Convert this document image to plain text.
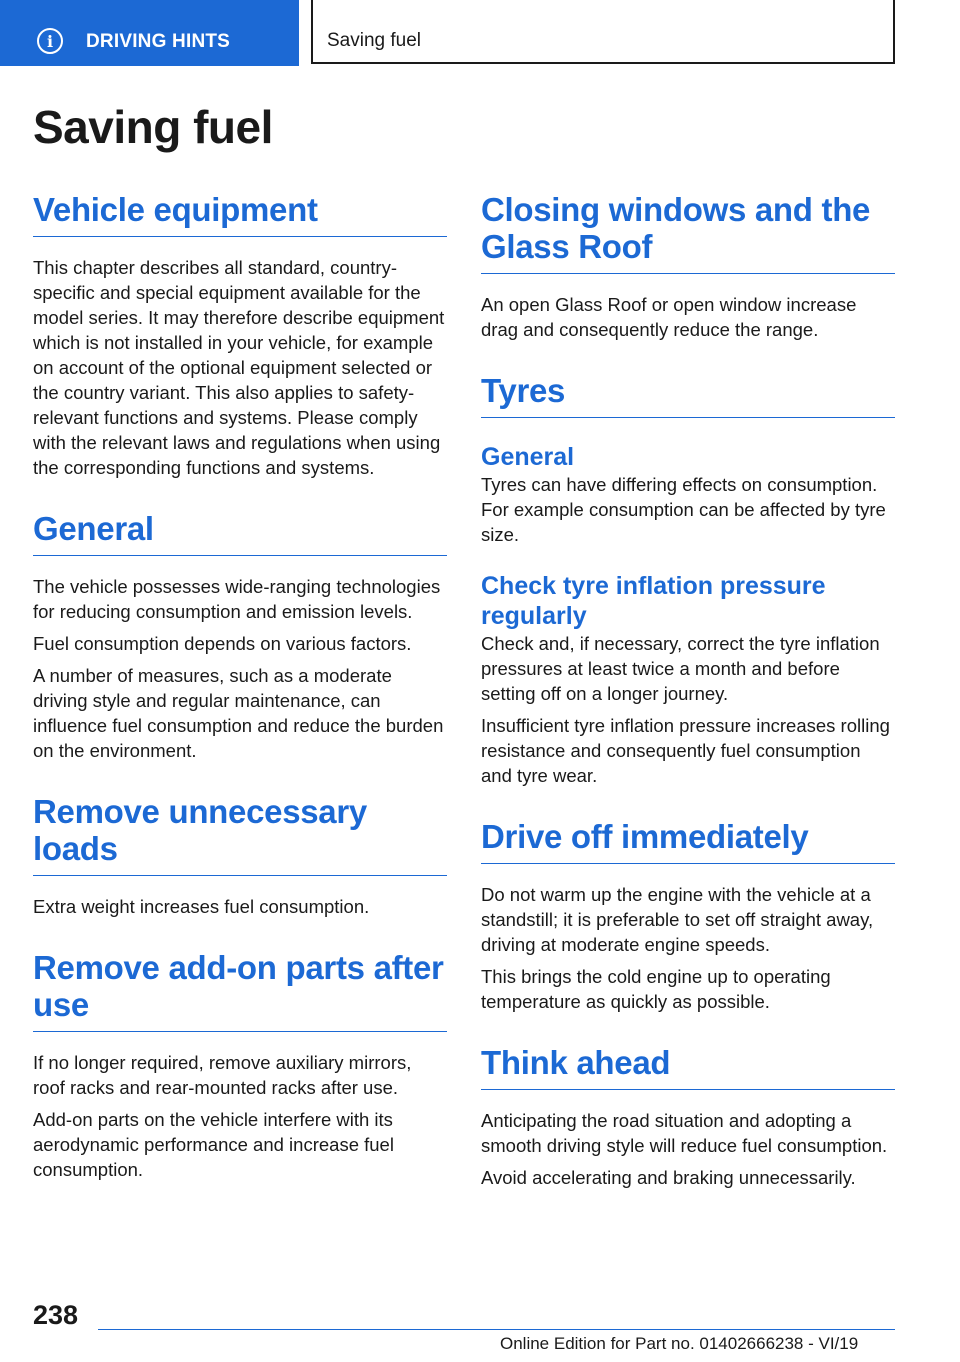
i	DRIVING HINTS	Saving fuel
Saving fuel
Vehicle equipment

This chapter describes all standard, country-specific and special equipment available for the model series. It may therefore describe equipment which is not installed in your vehicle, for example on account of the optional equipment selected or the country variant. This also applies to safety-relevant functions and systems. Please comply with the relevant laws and regulations when using the corresponding functions and systems.

General

The vehicle possesses wide-ranging technologies for reducing consumption and emission levels.

Fuel consumption depends on various factors.

A number of measures, such as a moderate driving style and regular maintenance, can influence fuel consumption and reduce the burden on the environment.

Remove unnecessary loads

Extra weight increases fuel consumption.

Remove add-on parts after use

If no longer required, remove auxiliary mirrors, roof racks and rear-mounted racks after use.

Add-on parts on the vehicle interfere with its aerodynamic performance and increase fuel consumption.

Closing windows and the Glass Roof

An open Glass Roof or open window increase drag and consequently reduce the range.

Tyres
General

Tyres can have differing effects on consumption. For example consumption can be affected by tyre size.

Check tyre inflation pressure regularly

Check and, if necessary, correct the tyre inflation pressures at least twice a month and before setting off on a longer journey.

Insufficient tyre inflation pressure increases rolling resistance and consequently fuel consumption and tyre wear.

Drive off immediately

Do not warm up the engine with the vehicle at a standstill; it is preferable to set off straight away, driving at moderate engine speeds.

This brings the cold engine up to operating temperature as quickly as possible.

Think ahead

Anticipating the road situation and adopting a smooth driving style will reduce fuel consumption.

Avoid accelerating and braking unnecessarily.

238
Online Edition for Part no. 01402666238 - VI/19
